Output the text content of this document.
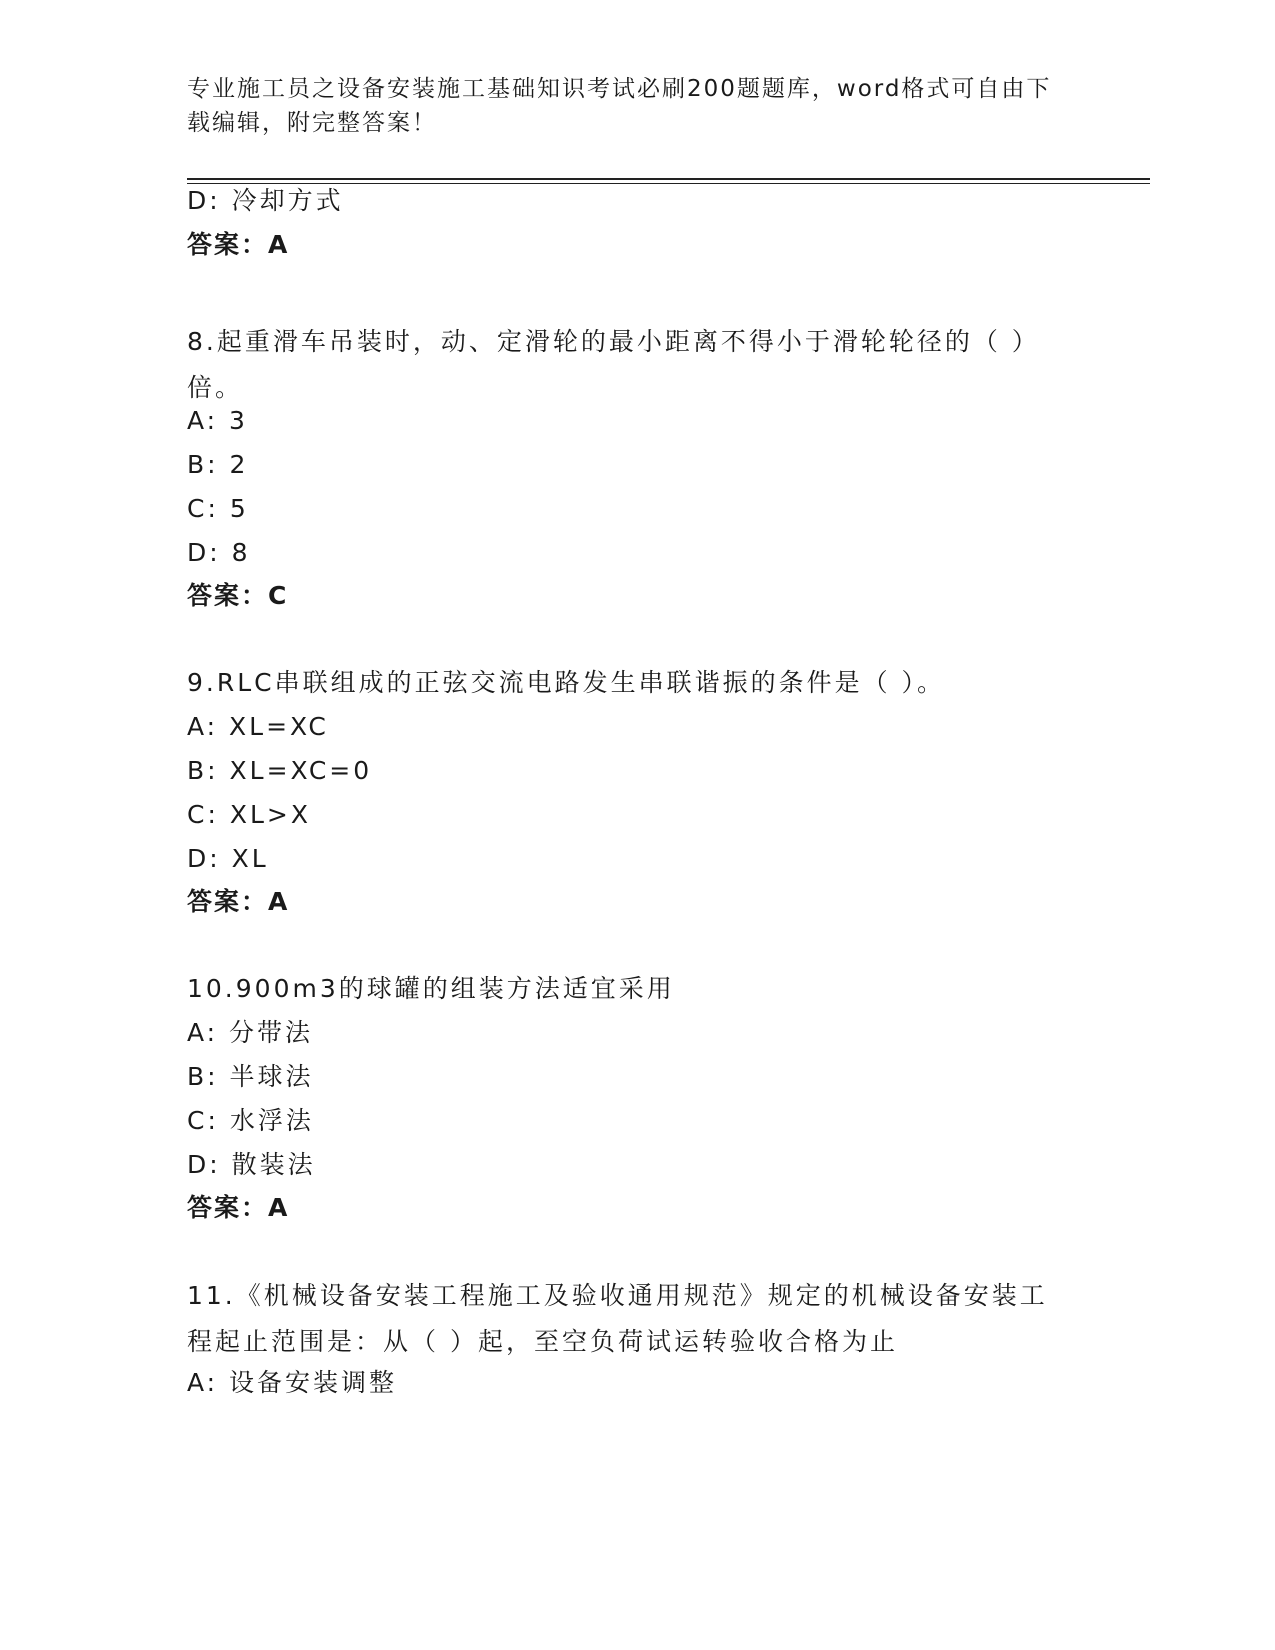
专业施工员之设备安装施工基础知识考试必刷200题题库，word格式可自由下载编辑，附完整答案！
D: 冷却方式
答案：A
8.起重滑车吊装时，动、定滑轮的最小距离不得小于滑轮轮径的（ ）倍。
A: 3
B: 2
C: 5
D: 8
答案：C
9.RLC串联组成的正弦交流电路发生串联谐振的条件是（ ）。
A: XL=XC
B: XL=XC=0
C: XL>X
D: XL
答案：A
10.900m3的球罐的组装方法适宜采用
A: 分带法
B: 半球法
C: 水浮法
D: 散装法
答案：A
11.《机械设备安装工程施工及验收通用规范》规定的机械设备安装工程起止范围是：从（ ）起，至空负荷试运转验收合格为止
A: 设备安装调整
